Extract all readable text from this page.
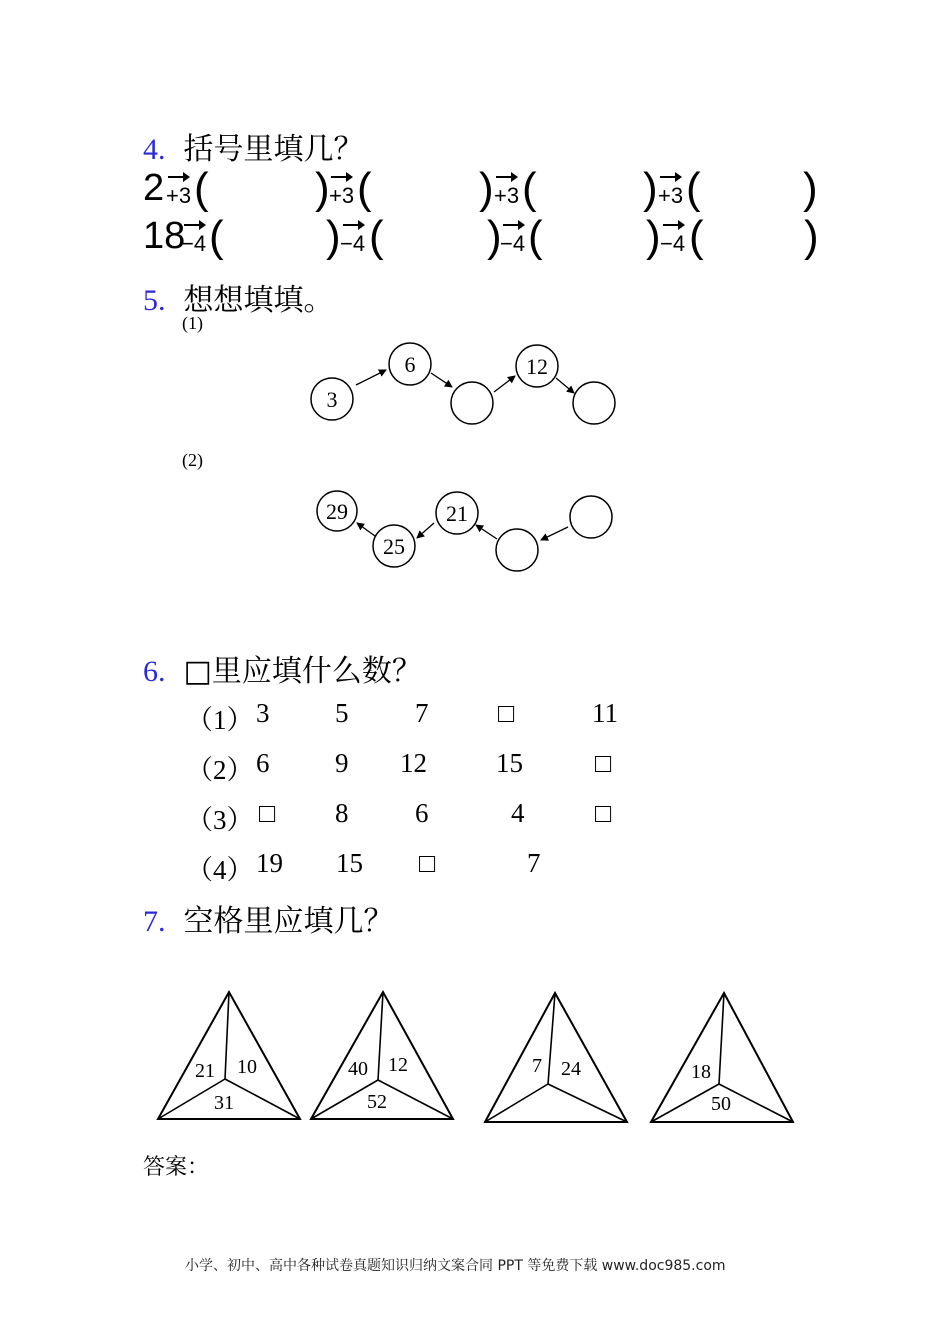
4. 括号里填几？
2 +3 ( ) +3 ( ) +3 ( ) +3 ( )
18
−4 ( ) −4 ( )
−4 ( ) −4 ( )
5. 想想填填。
(1)
3
6	12
(2)
29
25
21
6. □里应填什么数？
（1） 3 5 7	□	11
（2） 6 9 12	15	□
（3） □ 8 6	4	□
（4） 19 15 □	7
7. 空格里应填几？
21 10
31
40 12
52
7 24	18
50
答案：
小学、初中、高中各种试卷真题知识归纳文案合同 PPT 等免费下载 www.doc985.com
